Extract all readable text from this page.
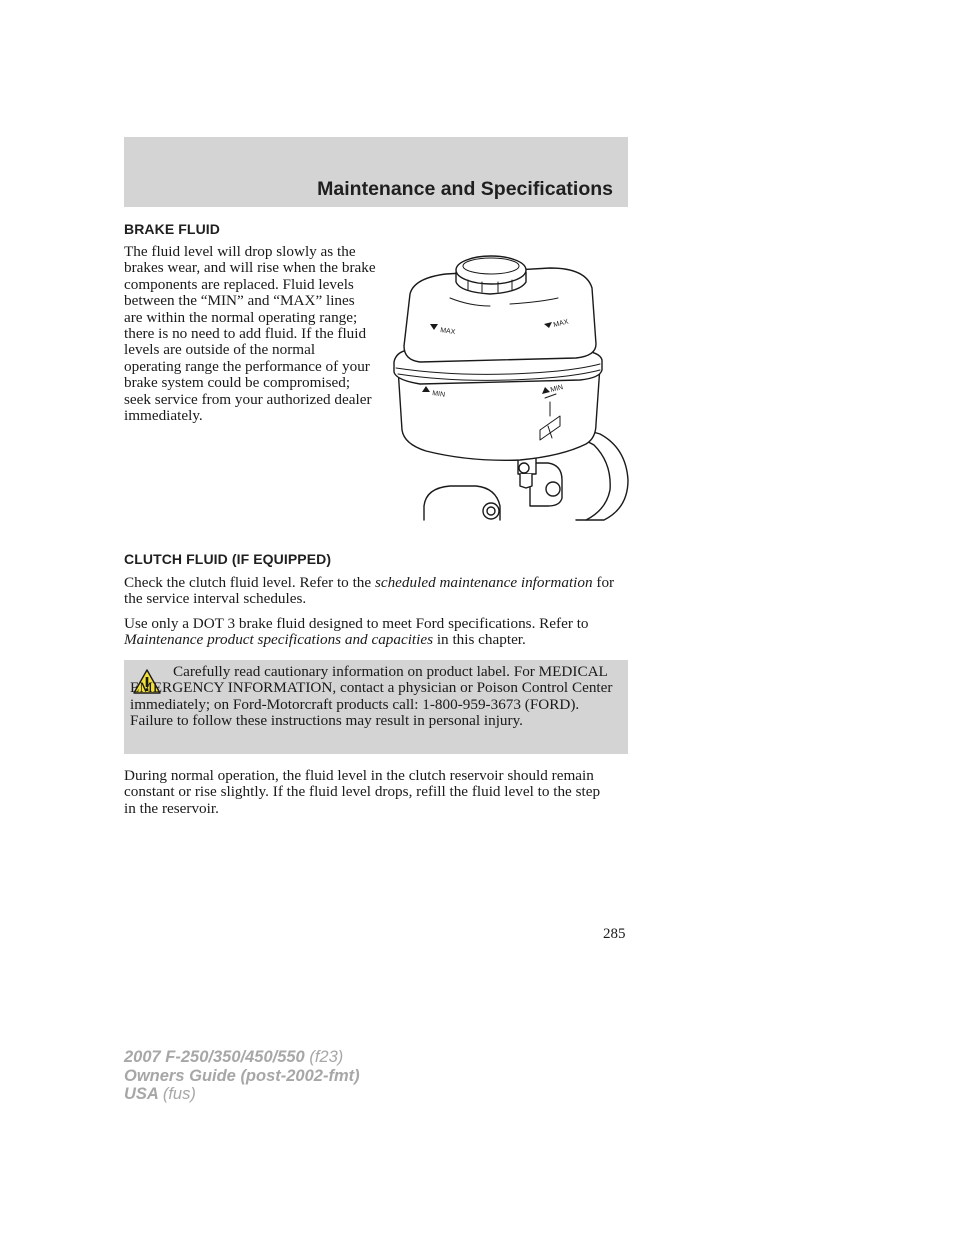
Maintenance and Specifications
BRAKE FLUID
The fluid level will drop slowly as the brakes wear, and will rise when the brake components are replaced. Fluid levels between the “MIN” and “MAX” lines are within the normal operating range; there is no need to add fluid. If the fluid levels are outside of the normal operating range the performance of your brake system could be compromised; seek service from your authorized dealer immediately.
MAX
MAX
MIN
MIN
CLUTCH FLUID (IF EQUIPPED)
Check the clutch fluid level. Refer to the scheduled maintenance information for the service interval schedules.
Use only a DOT 3 brake fluid designed to meet Ford specifications. Refer to Maintenance product specifications and capacities in this chapter.
Carefully read cautionary information on product label. For MEDICAL EMERGENCY INFORMATION, contact a physician or Poison Control Center immediately; on Ford-Motorcraft products call: 1-800-959-3673 (FORD). Failure to follow these instructions may result in personal injury.
During normal operation, the fluid level in the clutch reservoir should remain constant or rise slightly. If the fluid level drops, refill the fluid level to the step in the reservoir.
285
2007 F-250/350/450/550 (f23)
Owners Guide (post-2002-fmt)
USA (fus)
